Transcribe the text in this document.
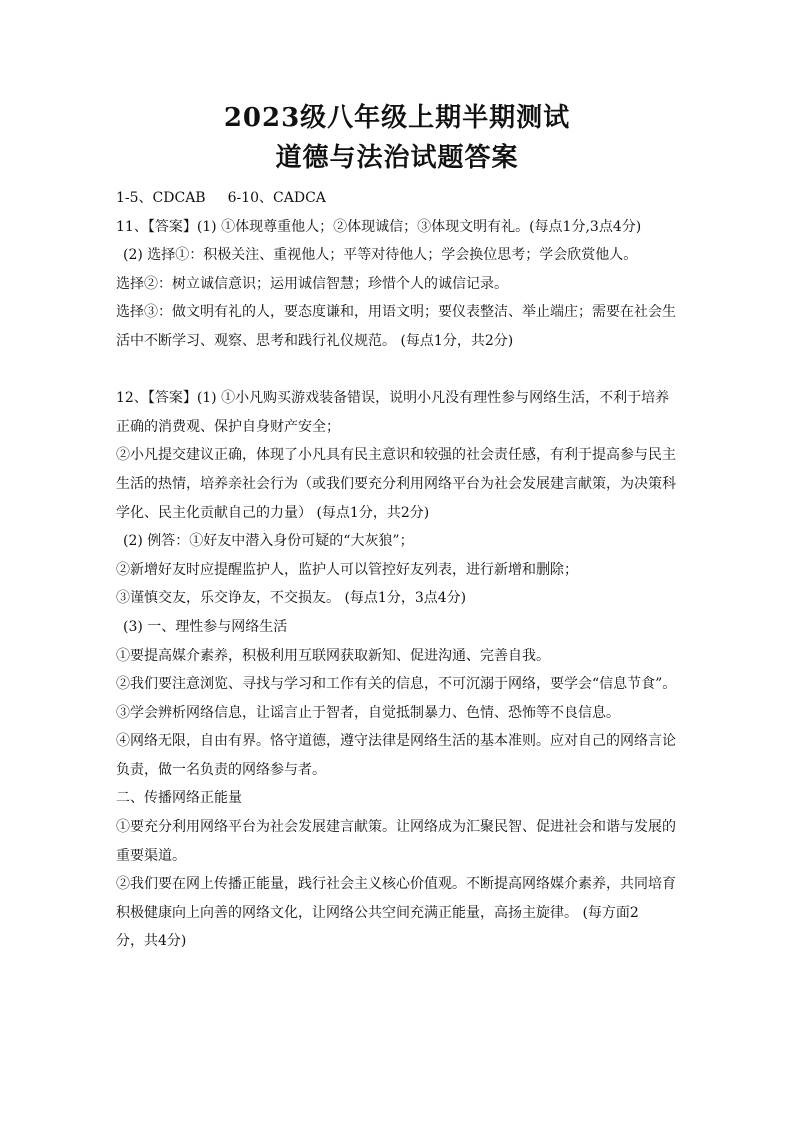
2023级八年级上期半期测试
道德与法治试题答案

1-5、CDCAB 6-10、CADCA

11、【答案】(1) ①体现尊重他人；②体现诚信；③体现文明有礼。(每点1分,3点4分)

(2) 选择①：积极关注、重视他人；平等对待他人；学会换位思考；学会欣赏他人。

选择②：树立诚信意识；运用诚信智慧；珍惜个人的诚信记录。

选择③：做文明有礼的人，要态度谦和，用语文明；要仪表整洁、举止端庄；需要在社会生

活中不断学习、观察、思考和践行礼仪规范。 (每点1分，共2分)

12、【答案】(1) ①小凡购买游戏装备错误，说明小凡没有理性参与网络生活，不利于培养

正确的消费观、保护自身财产安全；

②小凡提交建议正确，体现了小凡具有民主意识和较强的社会责任感，有利于提高参与民主

生活的热情，培养亲社会行为（或我们要充分利用网络平台为社会发展建言献策，为决策科

学化、民主化贡献自己的力量） (每点1分，共2分)

(2) 例答：①好友中潜入身份可疑的“大灰狼”；

②新增好友时应提醒监护人，监护人可以管控好友列表，进行新增和删除；

③谨慎交友，乐交诤友，不交损友。 (每点1分，3点4分)

(3) 一、理性参与网络生活

①要提高媒介素养，积极利用互联网获取新知、促进沟通、完善自我。

②我们要注意浏览、寻找与学习和工作有关的信息，不可沉溺于网络，要学会“信息节食”。

③学会辨析网络信息，让谣言止于智者，自觉抵制暴力、色情、恐怖等不良信息。

④网络无限，自由有界。恪守道德，遵守法律是网络生活的基本准则。应对自己的网络言论

负责，做一名负责的网络参与者。

二、传播网络正能量

①要充分利用网络平台为社会发展建言献策。让网络成为汇聚民智、促进社会和谐与发展的

重要渠道。

②我们要在网上传播正能量，践行社会主义核心价值观。不断提高网络媒介素养，共同培育

积极健康向上向善的网络文化，让网络公共空间充满正能量，高扬主旋律。 (每方面2

分，共4分)
